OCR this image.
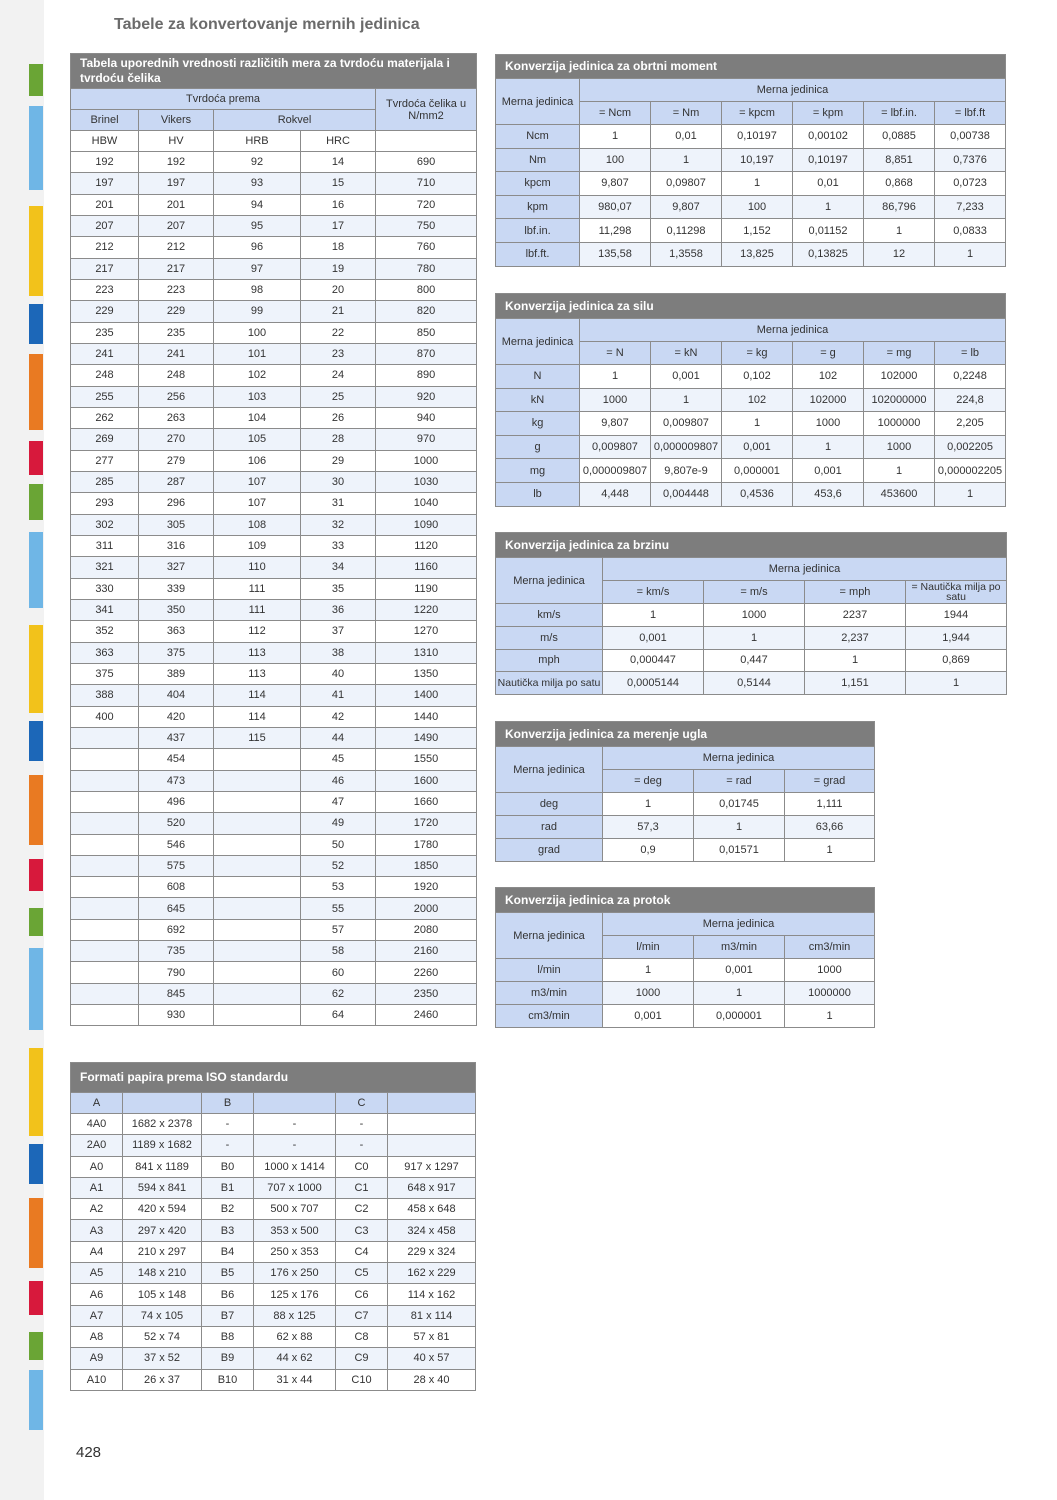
Tabele za konvertovanje mernih jedinica
Tabela uporednih vrednosti različitih mera za tvrdoću materijala i tvrdoću čelika				
Tvrdoća prema				Tvrdoća čelika u N/mm2
Brinel	Vikers	Rokvel		
HBW	HV	HRB	HRC	
192	192	92	14	690
197	197	93	15	710
201	201	94	16	720
207	207	95	17	750
212	212	96	18	760
217	217	97	19	780
223	223	98	20	800
229	229	99	21	820
235	235	100	22	850
241	241	101	23	870
248	248	102	24	890
255	256	103	25	920
262	263	104	26	940
269	270	105	28	970
277	279	106	29	1000
285	287	107	30	1030
293	296	107	31	1040
302	305	108	32	1090
311	316	109	33	1120
321	327	110	34	1160
330	339	111	35	1190
341	350	111	36	1220
352	363	112	37	1270
363	375	113	38	1310
375	389	113	40	1350
388	404	114	41	1400
400	420	114	42	1440
	437	115	44	1490
	454		45	1550
	473		46	1600
	496		47	1660
	520		49	1720
	546		50	1780
	575		52	1850
	608		53	1920
	645		55	2000
	692		57	2080
	735		58	2160
	790		60	2260
	845		62	2350
	930		64	2460
Formati papira prema ISO standardu					
A		B		C	
4A0	1682 x 2378	-	-	-	
2A0	1189 x 1682	-	-	-	
A0	841 x 1189	B0	1000 x 1414	C0	917 x 1297
A1	594 x 841	B1	707 x 1000	C1	648 x 917
A2	420 x 594	B2	500 x 707	C2	458 x 648
A3	297 x 420	B3	353 x 500	C3	324 x 458
A4	210 x 297	B4	250 x 353	C4	229 x 324
A5	148 x 210	B5	176 x 250	C5	162 x 229
A6	105 x 148	B6	125 x 176	C6	114 x 162
A7	74 x 105	B7	88 x 125	C7	81 x 114
A8	52 x 74	B8	62 x 88	C8	57 x 81
A9	37 x 52	B9	44 x 62	C9	40 x 57
A10	26 x 37	B10	31 x 44	C10	28 x 40
428
Konverzija jedinica za obrtni moment						
Merna jedinica	Merna jedinica					
	= Ncm	= Nm	= kpcm	= kpm	= lbf.in.	= lbf.ft
Ncm	1	0,01	0,10197	0,00102	0,0885	0,00738
Nm	100	1	10,197	0,10197	8,851	0,7376
kpcm	9,807	0,09807	1	0,01	0,868	0,0723
kpm	980,07	9,807	100	1	86,796	7,233
lbf.in.	11,298	0,11298	1,152	0,01152	1	0,0833
lbf.ft.	135,58	1,3558	13,825	0,13825	12	1
Konverzija jedinica za silu						
Merna jedinica	Merna jedinica					
	= N	= kN	= kg	= g	= mg	= lb
N	1	0,001	0,102	102	102000	0,2248
kN	1000	1	102	102000	102000000	224,8
kg	9,807	0,009807	1	1000	1000000	2,205
g	0,009807	0,000009807	0,001	1	1000	0,002205
mg	0,000009807	9,807e-9	0,000001	0,001	1	0,000002205
lb	4,448	0,004448	0,4536	453,6	453600	1
Konverzija jedinica za brzinu				
Merna jedinica	Merna jedinica			
	= km/s	= m/s	= mph	= Nautička milja po satu
km/s	1	1000	2237	1944
m/s	0,001	1	2,237	1,944
mph	0,000447	0,447	1	0,869
Nautička milja po satu	0,0005144	0,5144	1,151	1
Konverzija jedinica za merenje ugla			
Merna jedinica	Merna jedinica		
	= deg	= rad	= grad
deg	1	0,01745	1,111
rad	57,3	1	63,66
grad	0,9	0,01571	1
Konverzija jedinica za protok			
Merna jedinica	Merna jedinica		
	l/min	m3/min	cm3/min
l/min	1	0,001	1000
m3/min	1000	1	1000000
cm3/min	0,001	0,000001	1
